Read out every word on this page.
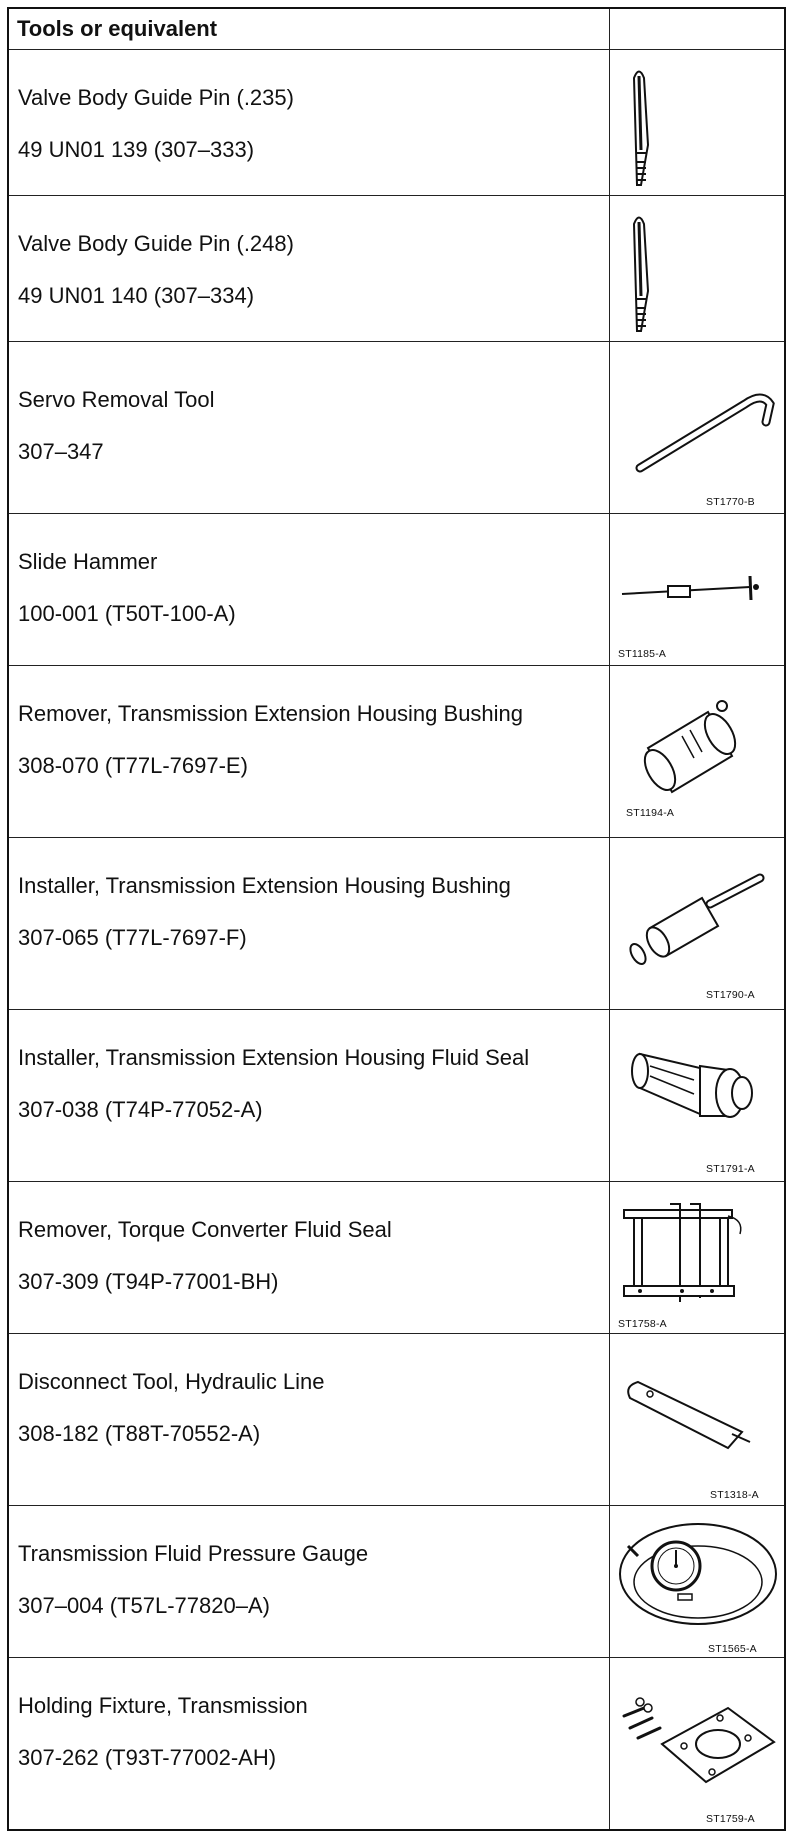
Tools or equivalent	

Valve Body Guide Pin (.235)
49 UN01 139 (307–333)

Valve Body Guide Pin (.248)
49 UN01 140 (307–334)

Servo Removal Tool
307–347	ST1770-B

Slide Hammer
100-001 (T50T-100-A)	ST1185-A

Remover, Transmission Extension Housing Bushing
308-070 (T77L-7697-E)	ST1194-A

Installer, Transmission Extension Housing Bushing
307-065 (T77L-7697-F)	ST1790-A

Installer, Transmission Extension Housing Fluid Seal
307-038 (T74P-77052-A)	ST1791-A

Remover, Torque Converter Fluid Seal
307-309 (T94P-77001-BH)	ST1758-A

Disconnect Tool, Hydraulic Line
308-182 (T88T-70552-A)	ST1318-A

Transmission Fluid Pressure Gauge
307–004 (T57L-77820–A)	ST1565-A

Holding Fixture, Transmission
307-262 (T93T-77002-AH)	ST1759-A
